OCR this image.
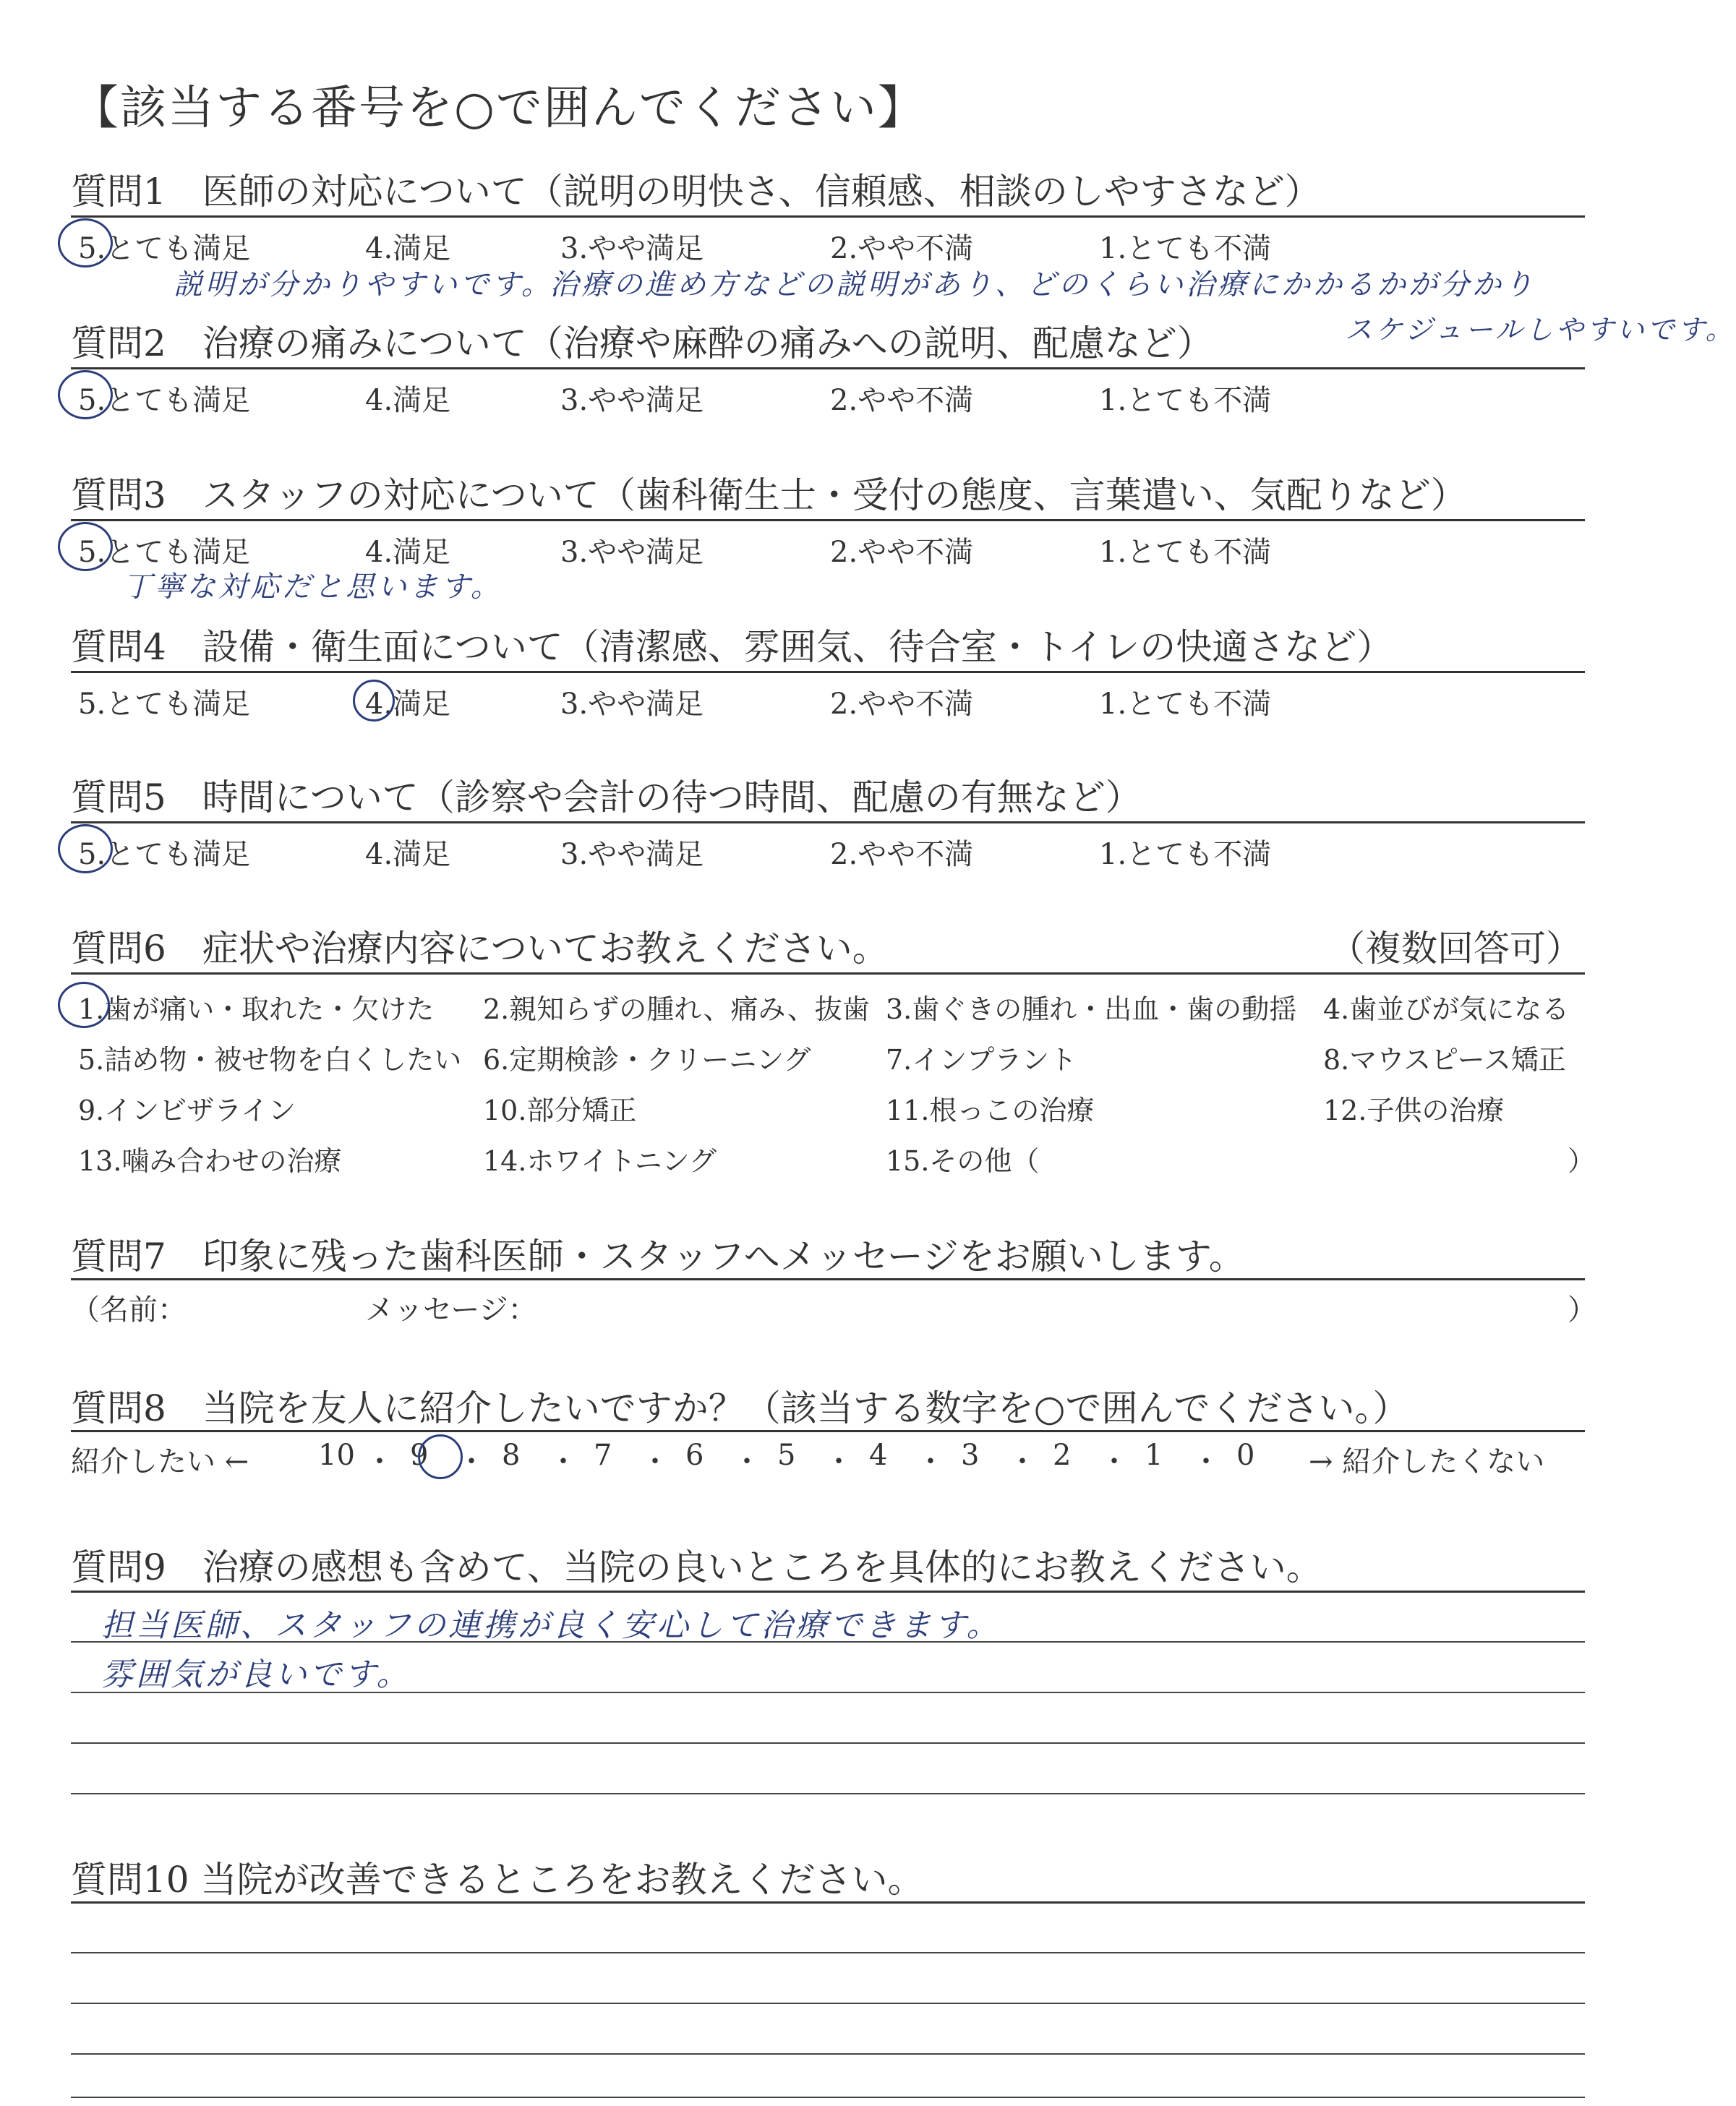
【該当する番号を○で囲んでください】
質問1　医師の対応について（説明の明快さ、信頼感、相談のしやすさなど）
5.とても満足	4.満足	3.やや満足	2.やや不満	1.とても不満
説明が分かりやすいです。
治療の進め方などの説明があり、どのくらい治療にかかるかが分かり
スケジュールしやすいです。
質問2　治療の痛みについて（治療や麻酔の痛みへの説明、配慮など）
5.とても満足	4.満足	3.やや満足	2.やや不満	1.とても不満
質問3　スタッフの対応について（歯科衛生士・受付の態度、言葉遣い、気配りなど）
5.とても満足	4.満足	3.やや満足	2.やや不満	1.とても不満
丁寧な対応だと思います。
質問4　設備・衛生面について（清潔感、雰囲気、待合室・トイレの快適さなど）
5.とても満足	4.満足	3.やや満足	2.やや不満	1.とても不満
質問5　時間について（診察や会計の待つ時間、配慮の有無など）
5.とても満足	4.満足	3.やや満足	2.やや不満	1.とても不満
質問6　症状や治療内容についてお教えください。	（複数回答可）
1.歯が痛い・取れた・欠けた 2.親知らずの腫れ、痛み、抜歯 3.歯ぐきの腫れ・出血・歯の動揺 4.歯並びが気になる
5.詰め物・被せ物を白くしたい 6.定期検診・クリーニング	7.インプラント	8.マウスピース矯正
9.インビザライン	10.部分矯正	11.根っこの治療	12.子供の治療
13.噛み合わせの治療	14.ホワイトニング	15.その他（	）
質問7　印象に残った歯科医師・スタッフへメッセージをお願いします。
（名前：	メッセージ：	）
質問8　当院を友人に紹介したいですか？（該当する数字を○で囲んでください。）
紹介したい ← 10 ・ 9 ・ 8 ・ 7 ・ 6 ・ 5 ・ 4 ・ 3 ・ 2 ・ 1 ・ 0 → 紹介したくない
質問9　治療の感想も含めて、当院の良いところを具体的にお教えください。
担当医師、スタッフの連携が良く安心して治療できます。
雰囲気が良いです。
質問10 当院が改善できるところをお教えください。
